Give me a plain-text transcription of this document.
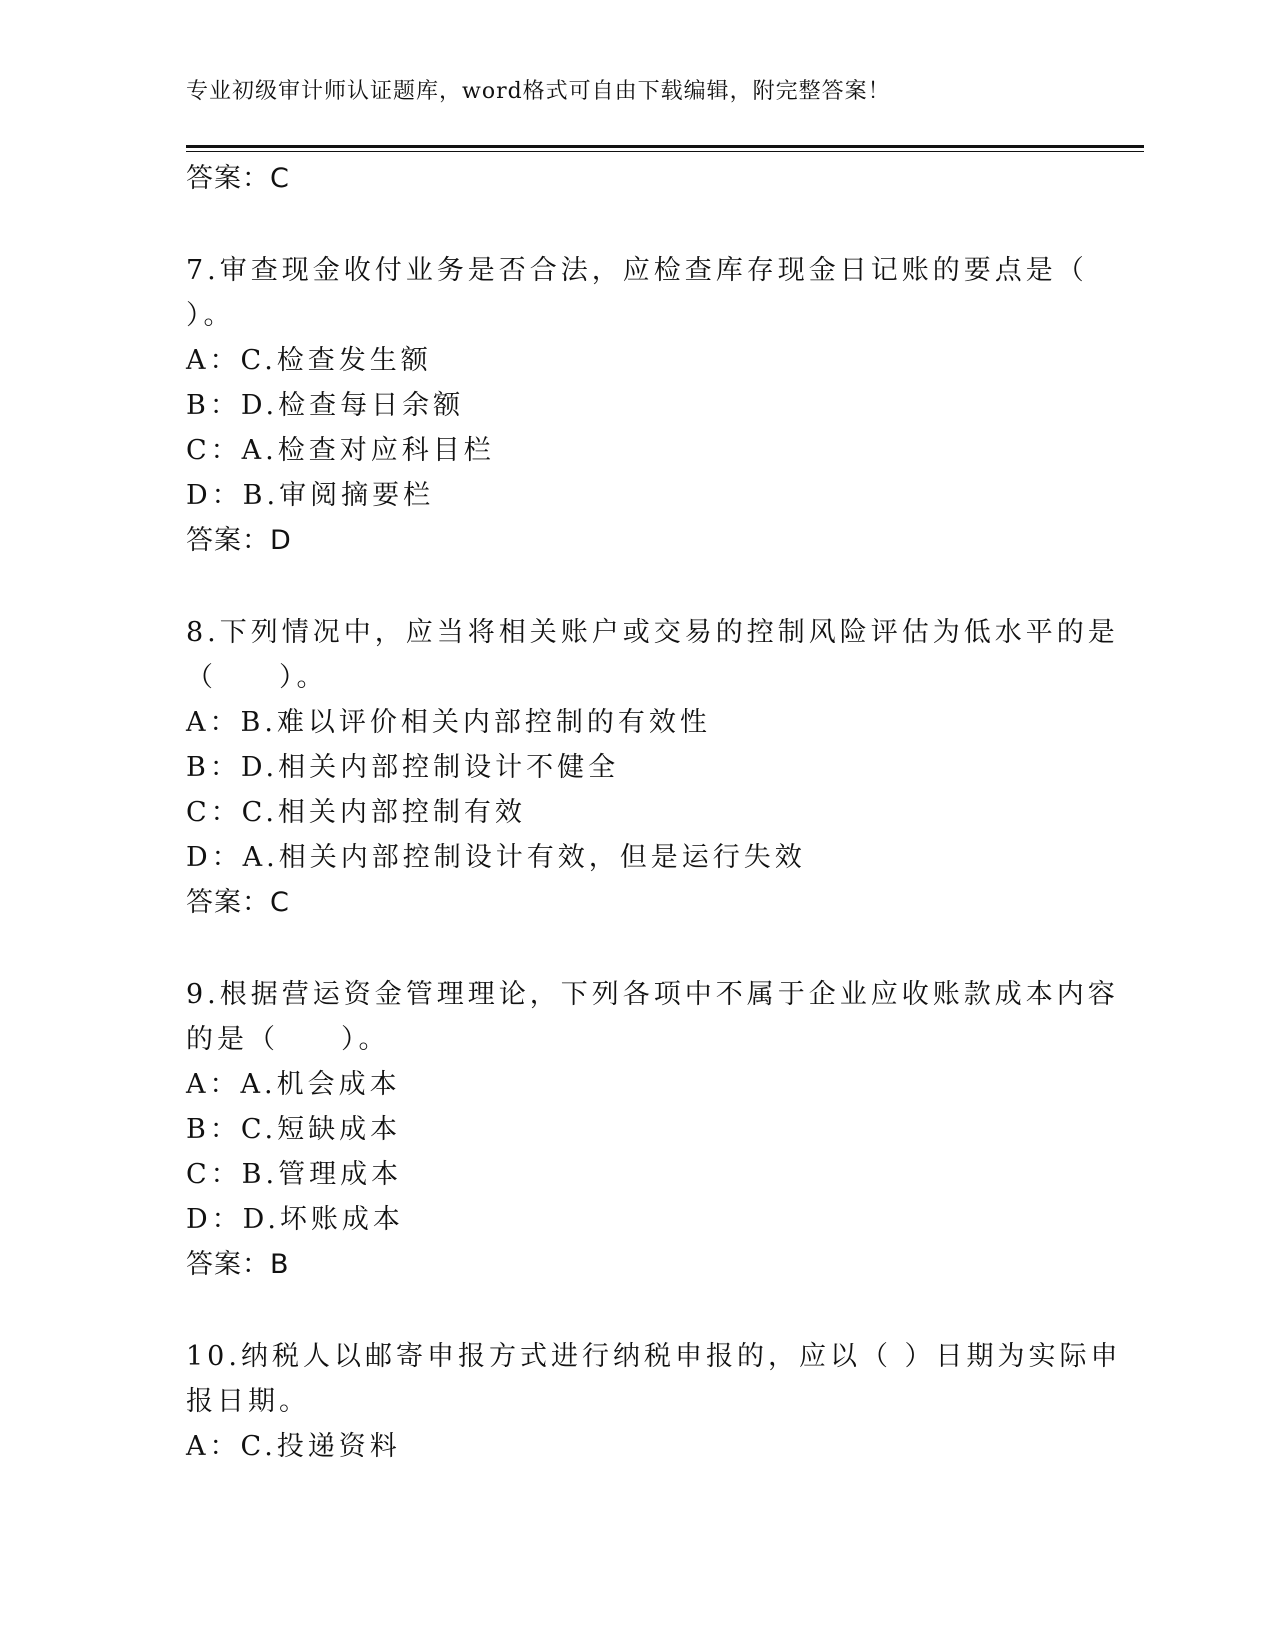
专业初级审计师认证题库，word格式可自由下载编辑，附完整答案！
答案：C
7.审查现金收付业务是否合法，应检查库存现金日记账的要点是（
）。
A：C.检查发生额
B：D.检查每日余额
C：A.检查对应科目栏
D：B.审阅摘要栏
答案：D
8.下列情况中，应当将相关账户或交易的控制风险评估为低水平的是
（　　）。
A：B.难以评价相关内部控制的有效性
B：D.相关内部控制设计不健全
C：C.相关内部控制有效
D：A.相关内部控制设计有效，但是运行失效
答案：C
9.根据营运资金管理理论，下列各项中不属于企业应收账款成本内容
的是（　　）。
A：A.机会成本
B：C.短缺成本
C：B.管理成本
D：D.坏账成本
答案：B
10.纳税人以邮寄申报方式进行纳税申报的，应以（ ）日期为实际申
报日期。
A：C.投递资料
